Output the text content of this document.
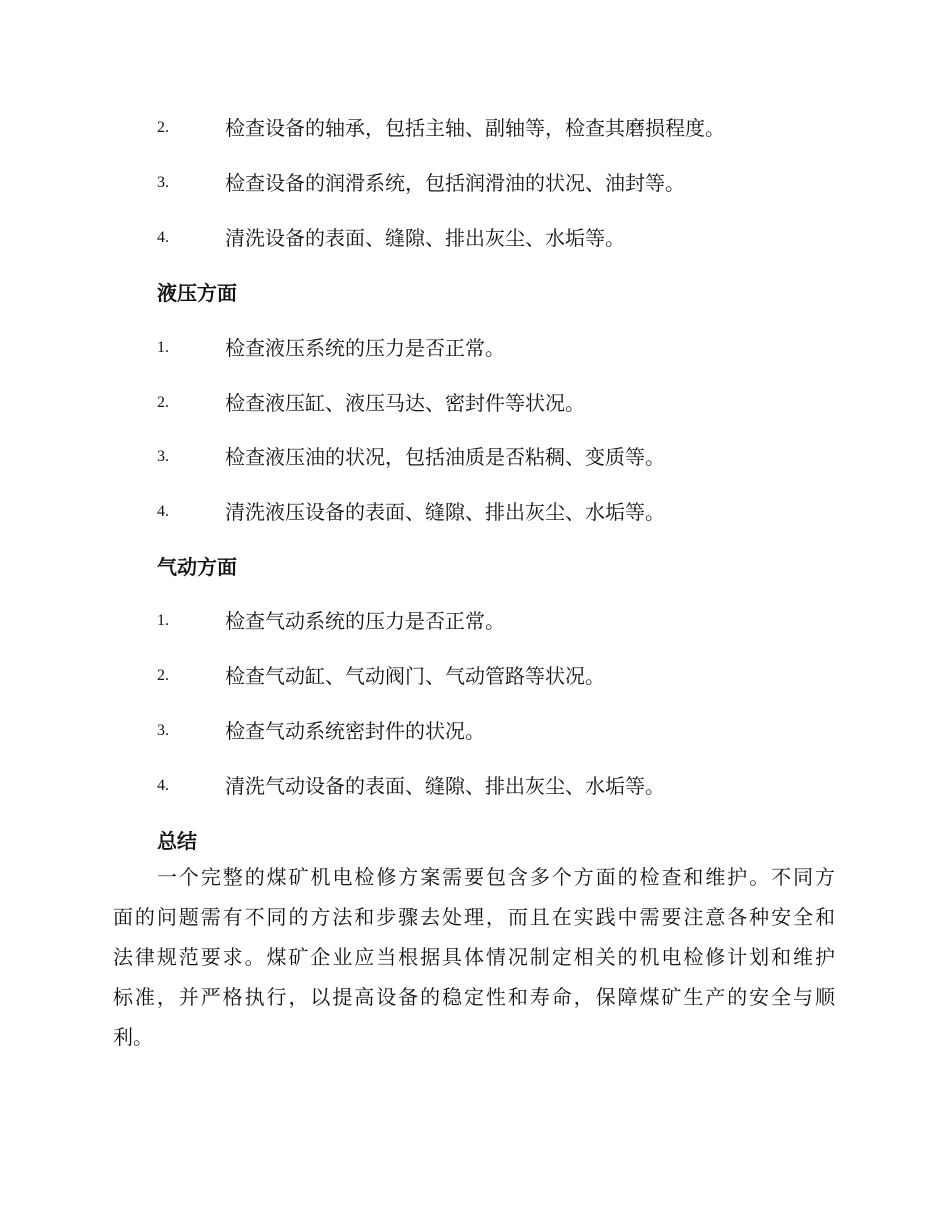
2.	检查设备的轴承，包括主轴、副轴等，检查其磨损程度。
3.	检查设备的润滑系统，包括润滑油的状况、油封等。
4.	清洗设备的表面、缝隙、排出灰尘、水垢等。
液压方面
1.	检查液压系统的压力是否正常。
2.	检查液压缸、液压马达、密封件等状况。
3.	检查液压油的状况，包括油质是否粘稠、变质等。
4.	清洗液压设备的表面、缝隙、排出灰尘、水垢等。
气动方面
1.	检查气动系统的压力是否正常。
2.	检查气动缸、气动阀门、气动管路等状况。
3.	检查气动系统密封件的状况。
4.	清洗气动设备的表面、缝隙、排出灰尘、水垢等。
总结
一个完整的煤矿机电检修方案需要包含多个方面的检查和维护。不同方
面的问题需有不同的方法和步骤去处理，而且在实践中需要注意各种安全和
法律规范要求。煤矿企业应当根据具体情况制定相关的机电检修计划和维护
标准，并严格执行，以提高设备的稳定性和寿命，保障煤矿生产的安全与顺
利。
